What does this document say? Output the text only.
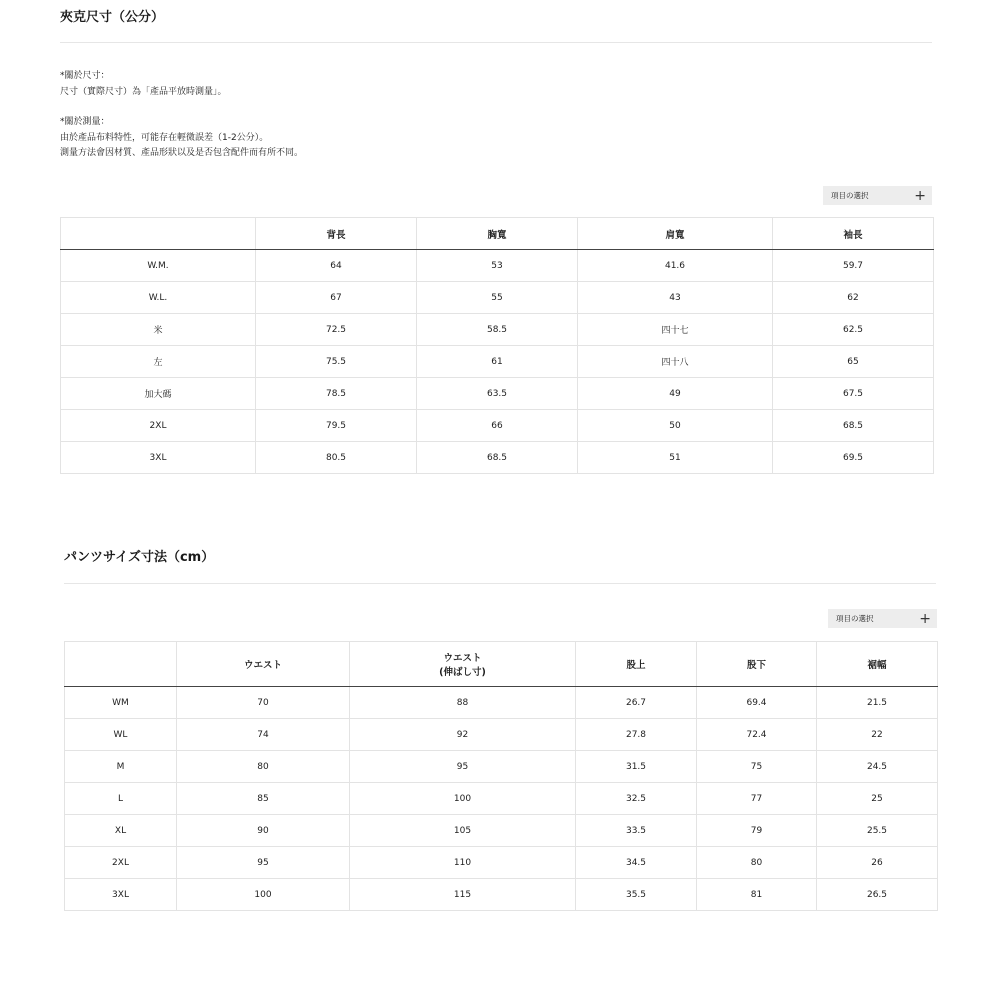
夾克尺寸（公分）

*關於尺寸：

尺寸（實際尺寸）為「產品平放時測量」。

*關於測量：

由於產品布料特性，可能存在輕微誤差（1-2公分）。

測量方法會因材質、產品形狀以及是否包含配件而有所不同。

項目の選択	+
	背長	胸寬	肩寬	袖長
W.M.	64	53	41.6	59.7
W.L.	67	55	43	62
米	72.5	58.5	四十七	62.5
左	75.5	61	四十八	65
加大碼	78.5	63.5	49	67.5
2XL	79.5	66	50	68.5
3XL	80.5	68.5	51	69.5
パンツサイズ寸法（cm）
項目の選択	+
	ウエスト	ウエスト
(伸ばし寸)	股上	股下	裾幅
WM	70	88	26.7	69.4	21.5
WL	74	92	27.8	72.4	22
M	80	95	31.5	75	24.5
L	85	100	32.5	77	25
XL	90	105	33.5	79	25.5
2XL	95	110	34.5	80	26
3XL	100	115	35.5	81	26.5
